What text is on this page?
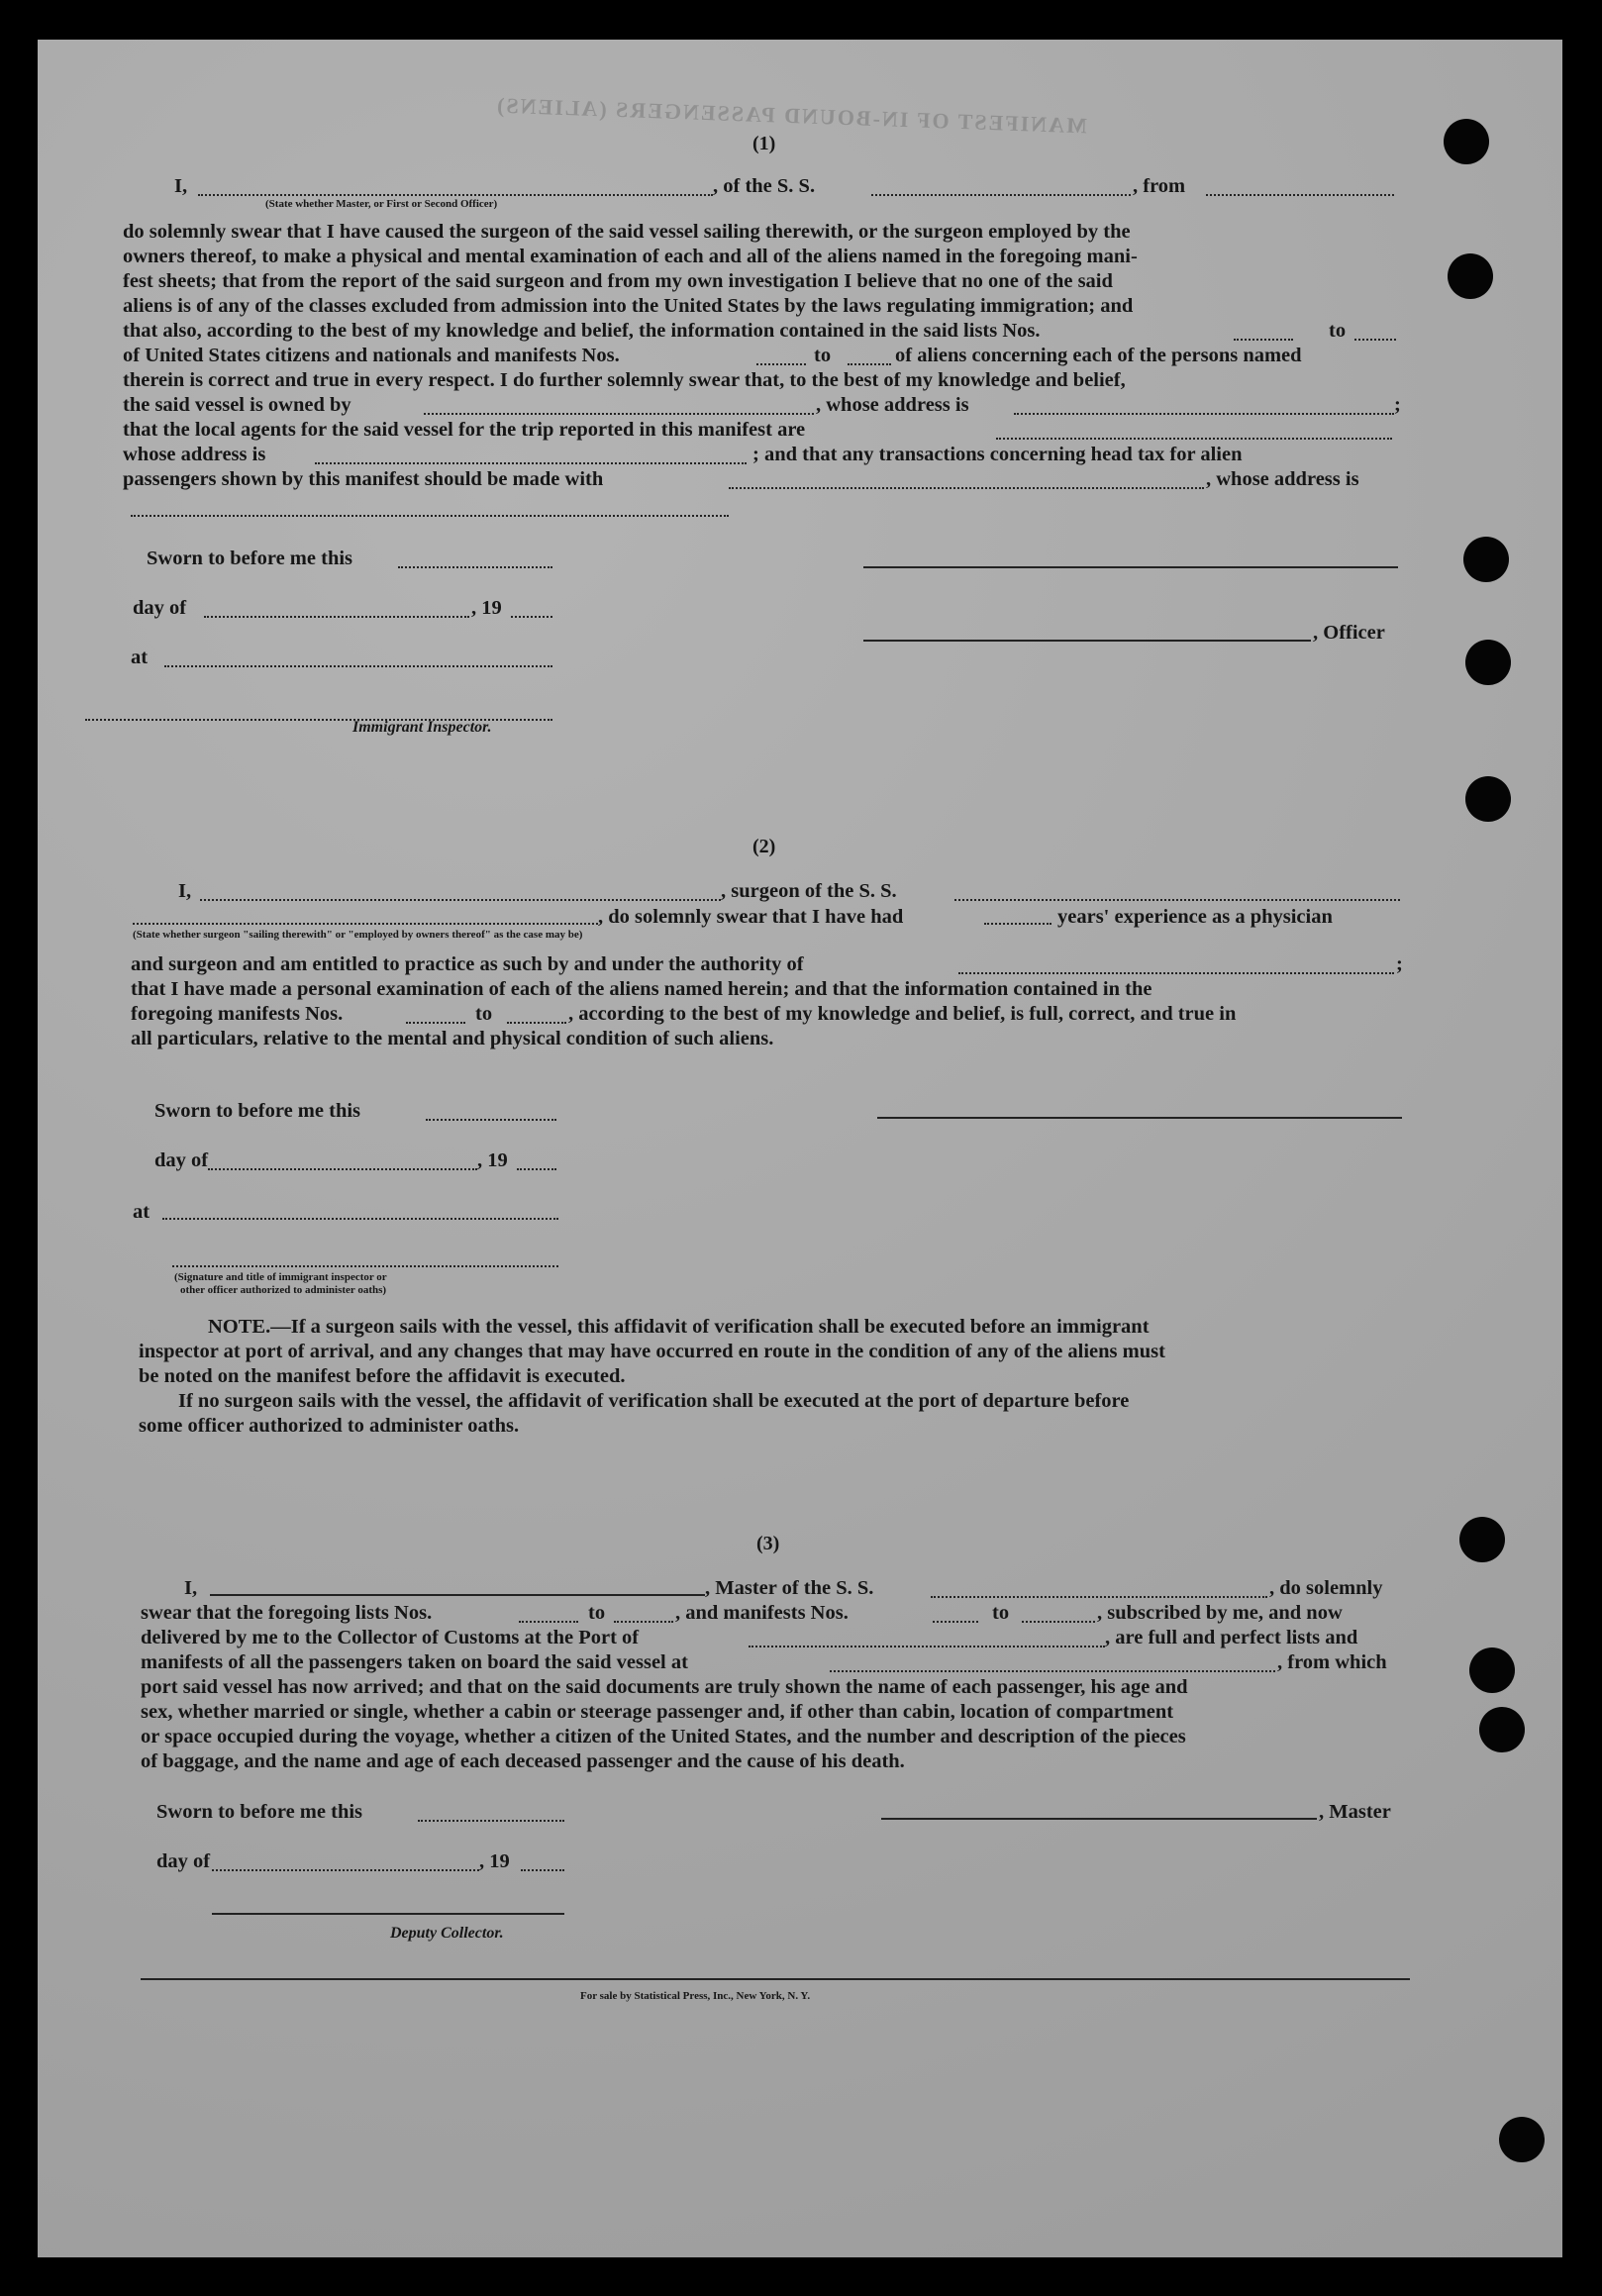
MANIFEST OF IN-BOUND PASSENGERS (ALIENS)
(1)
I,	, of the S. S.	, from
(State whether Master, or First or Second Officer)
do solemnly swear that I have caused the surgeon of the said vessel sailing therewith, or the surgeon employed by the
owners thereof, to make a physical and mental examination of each and all of the aliens named in the foregoing mani-
fest sheets; that from the report of the said surgeon and from my own investigation I believe that no one of the said
aliens is of any of the classes excluded from admission into the United States by the laws regulating immigration; and
that also, according to the best of my knowledge and belief, the information contained in the said lists Nos.	to
of United States citizens and nationals and manifests Nos.	to	of aliens concerning each of the persons named
therein is correct and true in every respect. I do further solemnly swear that, to the best of my knowledge and belief,
the said vessel is owned by	, whose address is	;
that the local agents for the said vessel for the trip reported in this manifest are
whose address is	; and that any transactions concerning head tax for alien
passengers shown by this manifest should be made with	, whose address is
Sworn to before me this
day of	, 19
, Officer
at
Immigrant Inspector.
(2)
I,	, surgeon of the S. S.
, do solemnly swear that I have had	years' experience as a physician
(State whether surgeon "sailing therewith" or "employed by owners thereof" as the case may be)
and surgeon and am entitled to practice as such by and under the authority of	;
that I have made a personal examination of each of the aliens named herein; and that the information contained in the
foregoing manifests Nos.	to	, according to the best of my knowledge and belief, is full, correct, and true in
all particulars, relative to the mental and physical condition of such aliens.
Sworn to before me this
day of	, 19
at
(Signature and title of immigrant inspector or
other officer authorized to administer oaths)
NOTE.—If a surgeon sails with the vessel, this affidavit of verification shall be executed before an immigrant
inspector at port of arrival, and any changes that may have occurred en route in the condition of any of the aliens must
be noted on the manifest before the affidavit is executed.
If no surgeon sails with the vessel, the affidavit of verification shall be executed at the port of departure before
some officer authorized to administer oaths.
(3)
I,	, Master of the S. S.	, do solemnly
swear that the foregoing lists Nos.	to	, and manifests Nos.	to	, subscribed by me, and now
delivered by me to the Collector of Customs at the Port of	, are full and perfect lists and
manifests of all the passengers taken on board the said vessel at	, from which
port said vessel has now arrived; and that on the said documents are truly shown the name of each passenger, his age and
sex, whether married or single, whether a cabin or steerage passenger and, if other than cabin, location of compartment
or space occupied during the voyage, whether a citizen of the United States, and the number and description of the pieces
of baggage, and the name and age of each deceased passenger and the cause of his death.
Sworn to before me this	, Master
day of	, 19
Deputy Collector.
For sale by Statistical Press, Inc., New York, N. Y.
